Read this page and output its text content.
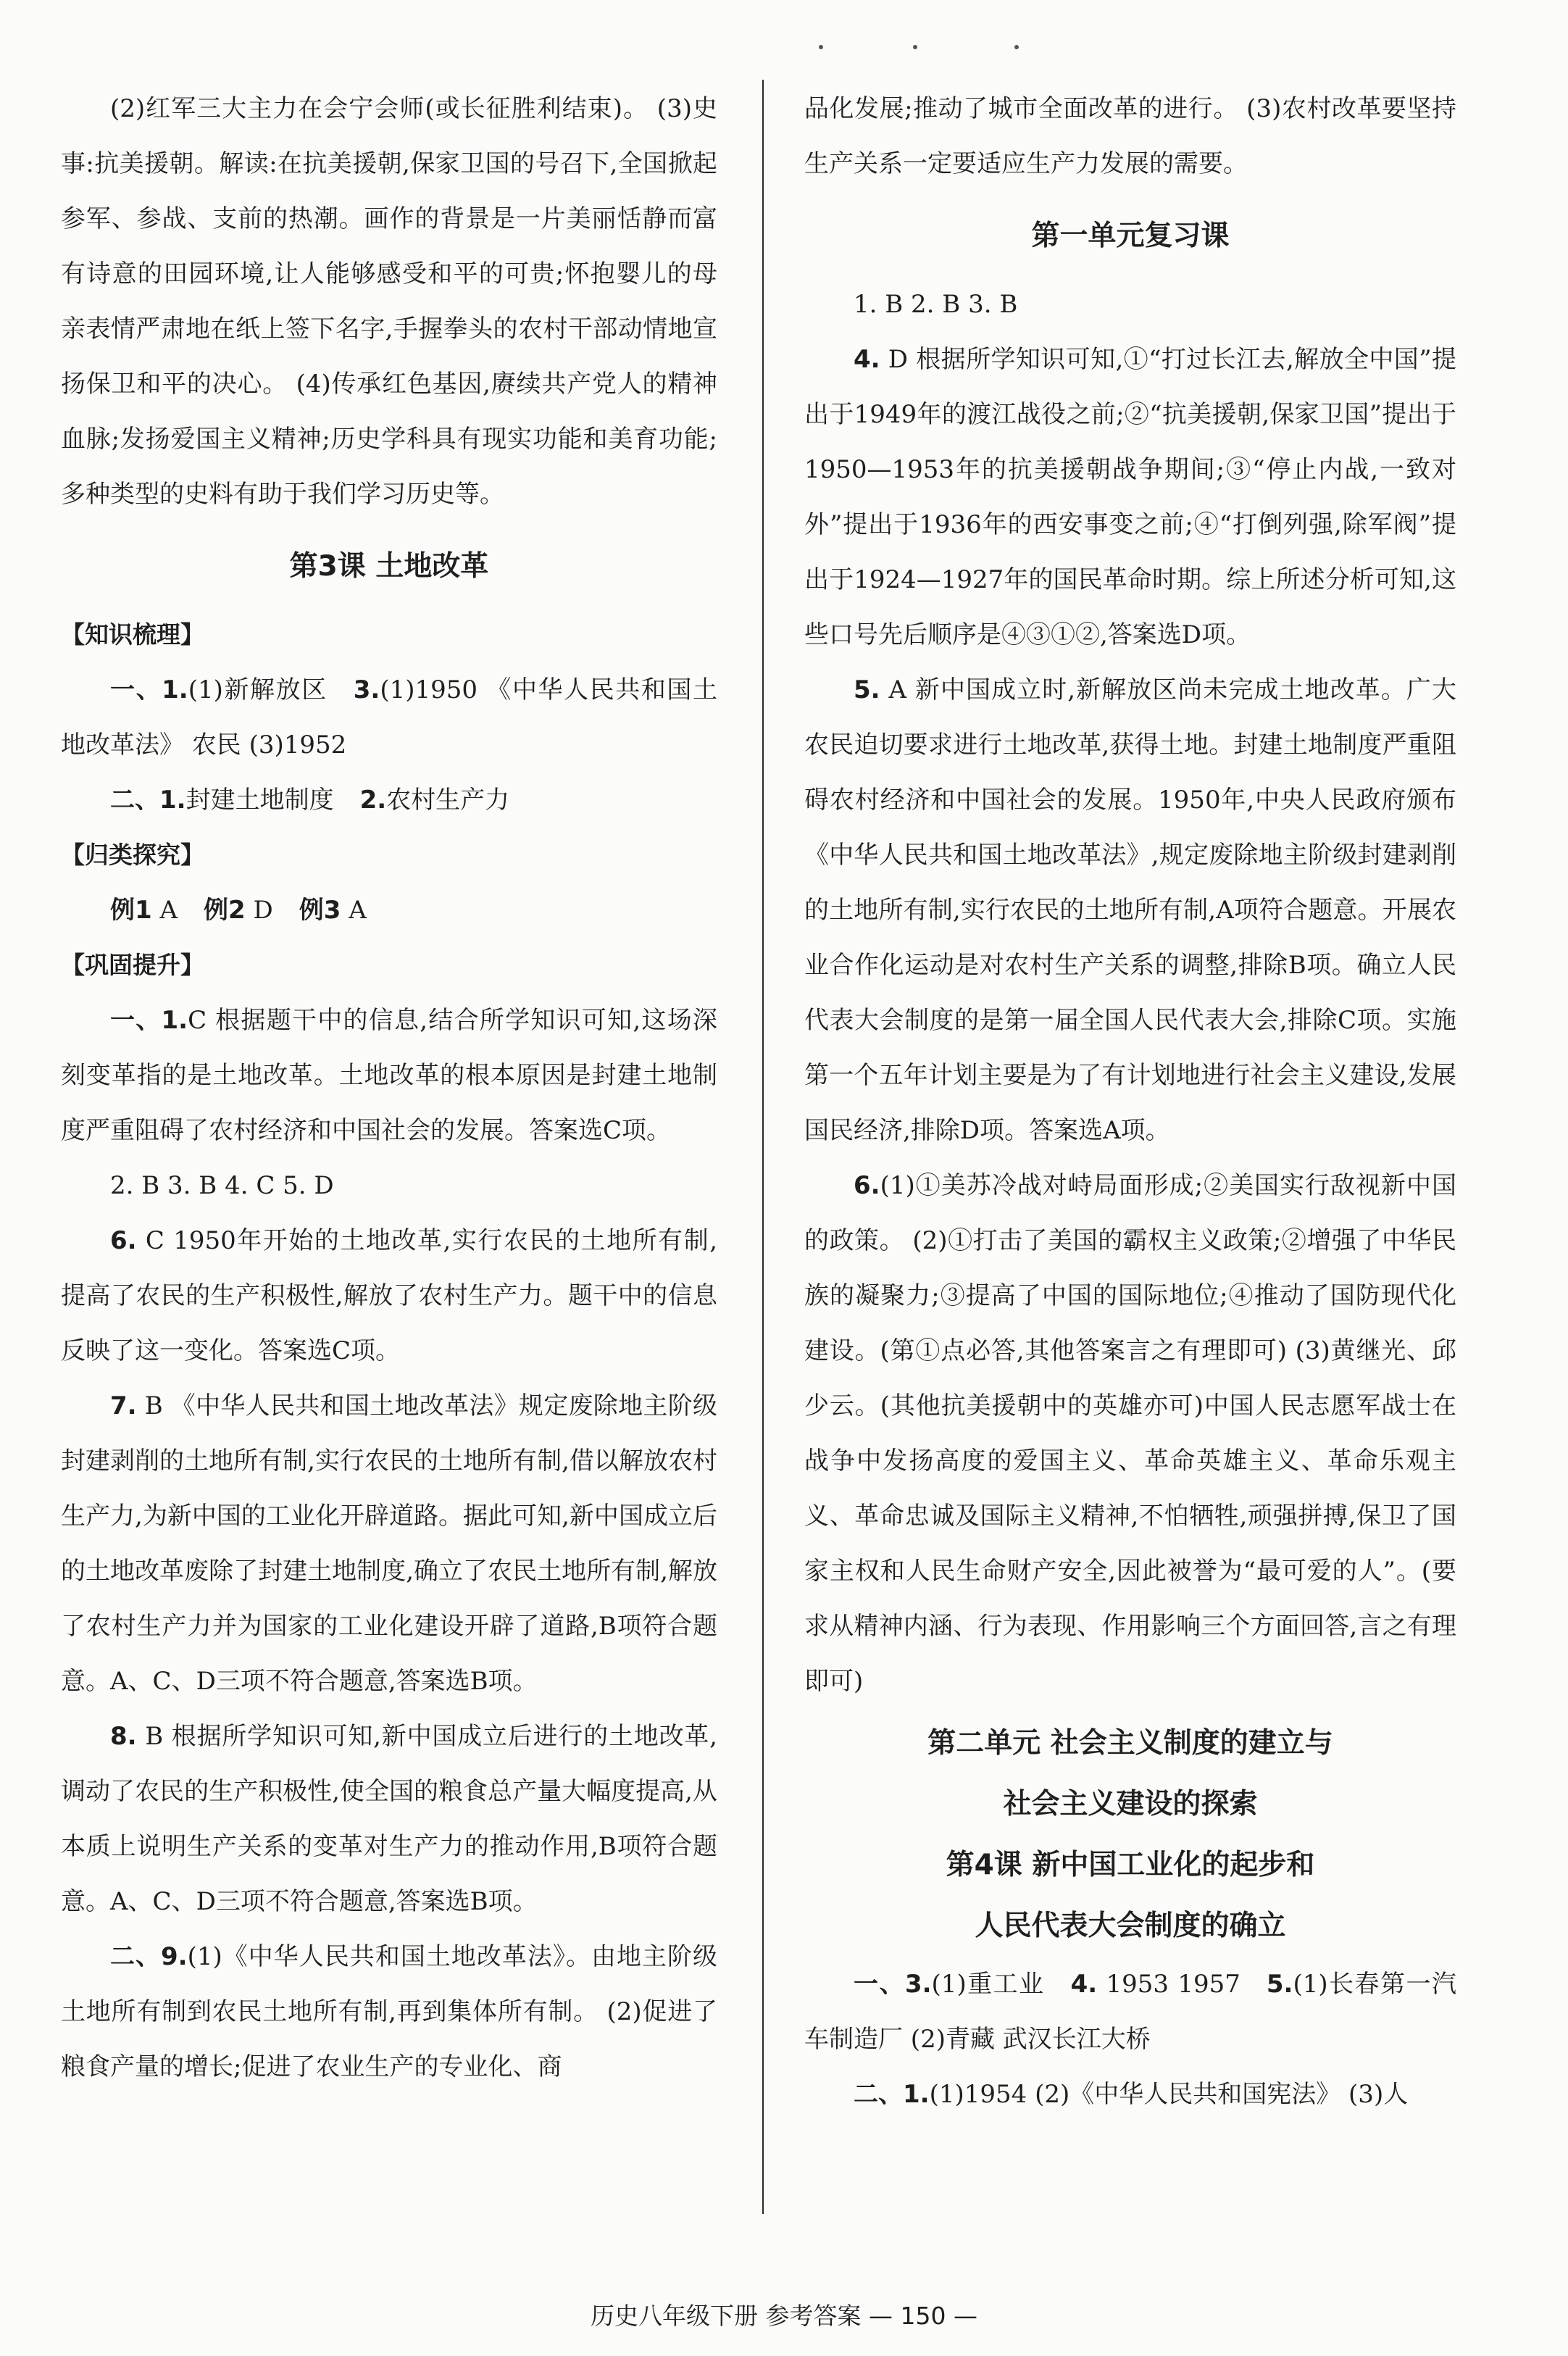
(2)红军三大主力在会宁会师(或长征胜利结束)。 (3)史事:抗美援朝。解读:在抗美援朝,保家卫国的号召下,全国掀起参军、参战、支前的热潮。画作的背景是一片美丽恬静而富有诗意的田园环境,让人能够感受和平的可贵;怀抱婴儿的母亲表情严肃地在纸上签下名字,手握拳头的农村干部动情地宣扬保卫和平的决心。 (4)传承红色基因,赓续共产党人的精神血脉;发扬爱国主义精神;历史学科具有现实功能和美育功能;多种类型的史料有助于我们学习历史等。

第3课 土地改革
【知识梳理】

一、1.(1)新解放区 3.(1)1950 《中华人民共和国土地改革法》 农民 (3)1952

二、1.封建土地制度 2.农村生产力

【归类探究】

例1 A 例2 D 例3 A

【巩固提升】

一、1.C 根据题干中的信息,结合所学知识可知,这场深刻变革指的是土地改革。土地改革的根本原因是封建土地制度严重阻碍了农村经济和中国社会的发展。答案选C项。

2. B 3. B 4. C 5. D

6. C 1950年开始的土地改革,实行农民的土地所有制,提高了农民的生产积极性,解放了农村生产力。题干中的信息反映了这一变化。答案选C项。

7. B 《中华人民共和国土地改革法》规定废除地主阶级封建剥削的土地所有制,实行农民的土地所有制,借以解放农村生产力,为新中国的工业化开辟道路。据此可知,新中国成立后的土地改革废除了封建土地制度,确立了农民土地所有制,解放了农村生产力并为国家的工业化建设开辟了道路,B项符合题意。A、C、D三项不符合题意,答案选B项。

8. B 根据所学知识可知,新中国成立后进行的土地改革,调动了农民的生产积极性,使全国的粮食总产量大幅度提高,从本质上说明生产关系的变革对生产力的推动作用,B项符合题意。A、C、D三项不符合题意,答案选B项。

二、9.(1)《中华人民共和国土地改革法》。由地主阶级土地所有制到农民土地所有制,再到集体所有制。 (2)促进了粮食产量的增长;促进了农业生产的专业化、商

品化发展;推动了城市全面改革的进行。 (3)农村改革要坚持生产关系一定要适应生产力发展的需要。

第一单元复习课

1. B 2. B 3. B

4. D 根据所学知识可知,①“打过长江去,解放全中国”提出于1949年的渡江战役之前;②“抗美援朝,保家卫国”提出于1950—1953年的抗美援朝战争期间;③“停止内战,一致对外”提出于1936年的西安事变之前;④“打倒列强,除军阀”提出于1924—1927年的国民革命时期。综上所述分析可知,这些口号先后顺序是④③①②,答案选D项。

5. A 新中国成立时,新解放区尚未完成土地改革。广大农民迫切要求进行土地改革,获得土地。封建土地制度严重阻碍农村经济和中国社会的发展。1950年,中央人民政府颁布《中华人民共和国土地改革法》,规定废除地主阶级封建剥削的土地所有制,实行农民的土地所有制,A项符合题意。开展农业合作化运动是对农村生产关系的调整,排除B项。确立人民代表大会制度的是第一届全国人民代表大会,排除C项。实施第一个五年计划主要是为了有计划地进行社会主义建设,发展国民经济,排除D项。答案选A项。

6.(1)①美苏冷战对峙局面形成;②美国实行敌视新中国的政策。 (2)①打击了美国的霸权主义政策;②增强了中华民族的凝聚力;③提高了中国的国际地位;④推动了国防现代化建设。(第①点必答,其他答案言之有理即可) (3)黄继光、邱少云。(其他抗美援朝中的英雄亦可)中国人民志愿军战士在战争中发扬高度的爱国主义、革命英雄主义、革命乐观主义、革命忠诚及国际主义精神,不怕牺牲,顽强拼搏,保卫了国家主权和人民生命财产安全,因此被誉为“最可爱的人”。(要求从精神内涵、行为表现、作用影响三个方面回答,言之有理即可)

第二单元 社会主义制度的建立与
社会主义建设的探索
第4课 新中国工业化的起步和
人民代表大会制度的确立

一、3.(1)重工业 4. 1953 1957 5.(1)长春第一汽车制造厂 (2)青藏 武汉长江大桥

二、1.(1)1954 (2)《中华人民共和国宪法》 (3)人

历史八年级下册 参考答案 — 150 —
